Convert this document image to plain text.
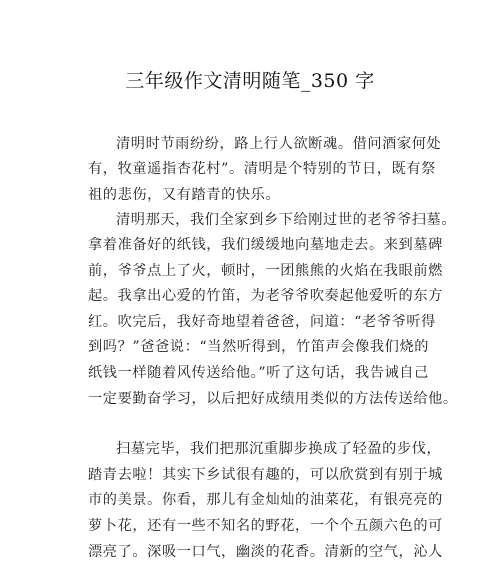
三年级作文清明随笔_350 字
清明时节雨纷纷，路上行人欲断魂。借问酒家何处
有，牧童遥指杏花村”。清明是个特别的节日，既有祭
祖的悲伤，又有踏青的快乐。
清明那天，我们全家到乡下给刚过世的老爷爷扫墓。
拿着准备好的纸钱，我们缓缓地向墓地走去。来到墓碑
前，爷爷点上了火，顿时，一团熊熊的火焰在我眼前燃
起。我拿出心爱的竹笛，为老爷爷吹奏起他爱听的东方
红。吹完后，我好奇地望着爸爸，问道：“老爷爷听得
到吗？”爸爸说：“当然听得到，竹笛声会像我们烧的
纸钱一样随着风传送给他。”听了这句话，我告诫自己
一定要勤奋学习，以后把好成绩用类似的方法传送给他。
扫墓完毕，我们把那沉重脚步换成了轻盈的步伐，
踏青去啦！其实下乡试很有趣的，可以欣赏到有别于城
市的美景。你看，那儿有金灿灿的油菜花，有银亮亮的
萝卜花，还有一些不知名的野花，一个个五颜六色的可
漂亮了。深吸一口气，幽淡的花香。清新的空气，沁人
